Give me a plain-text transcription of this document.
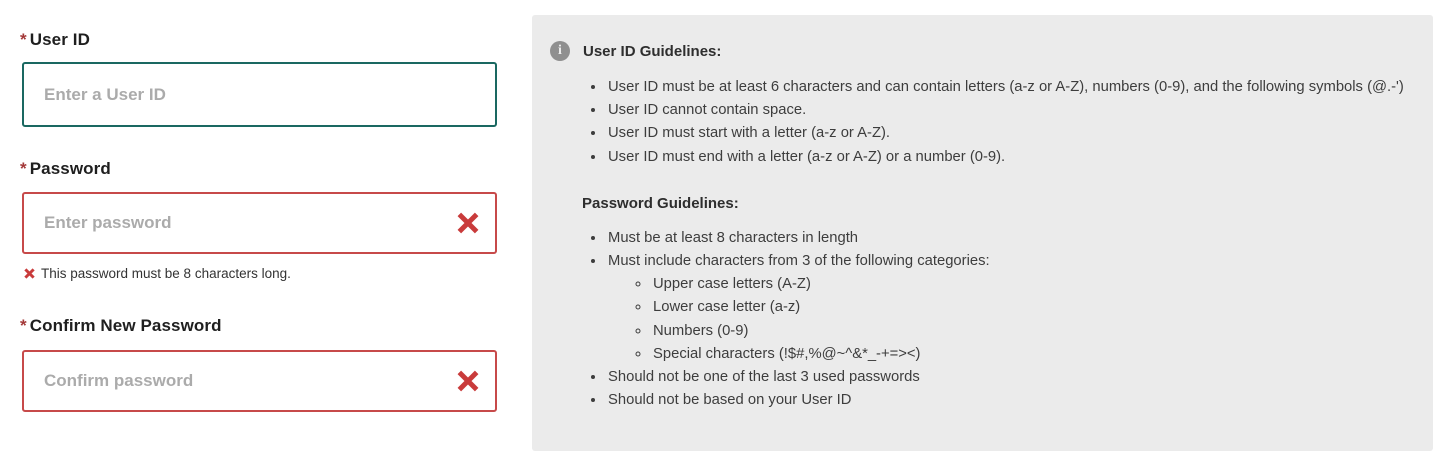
* User ID
Enter a User ID
* Password
This password must be 8 characters long.
* Confirm New Password
i	User ID Guidelines:
• User ID must be at least 6 characters and can contain letters (a-z or A-Z), numbers (0-9), and the following symbols (@.-')
• User ID cannot contain space.
• User ID must start with a letter (a-z or A-Z).
• User ID must end with a letter (a-z or A-Z) or a number (0-9).
Password Guidelines:
• Must be at least 8 characters in length
• Must include characters from 3 of the following categories:
◦ Upper case letters (A-Z)
◦ Lower case letter (a-z)
◦ Numbers (0-9)
◦ Special characters (!$#,%@~^&*_-+=><)
• Should not be one of the last 3 used passwords
• Should not be based on your User ID
